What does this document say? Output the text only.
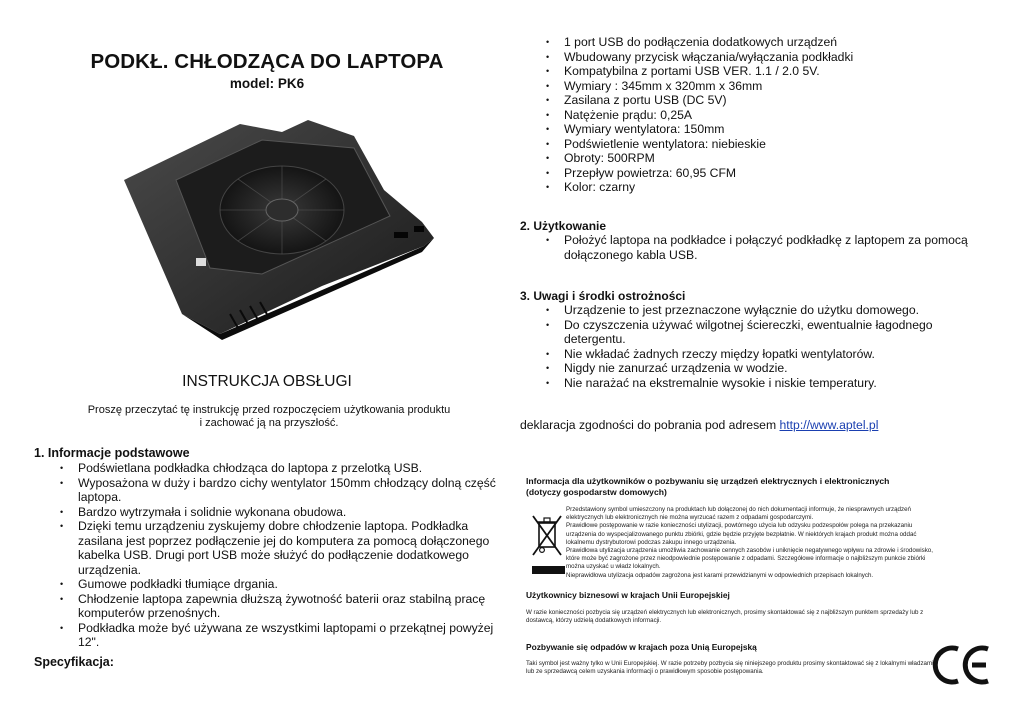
PODKŁ. CHŁODZĄCA DO LAPTOPA
model: PK6
INSTRUKCJA OBSŁUGI
Proszę przeczytać tę instrukcję przed rozpoczęciem użytkowania produktu
i zachować ją na przyszłość.
1. Informacje podstawowe
• Podświetlana podkładka chłodząca do laptopa z przelotką USB.
• Wyposażona w duży i bardzo cichy wentylator 150mm chłodzący dolną część laptopa.
• Bardzo wytrzymała i solidnie wykonana obudowa.
• Dzięki temu urządzeniu zyskujemy dobre chłodzenie laptopa. Podkładka zasilana jest poprzez podłączenie jej do komputera za pomocą dołączonego kabelka USB. Drugi port USB może służyć do podłączenie dodatkowego urządzenia.
• Gumowe podkładki tłumiące drgania.
• Chłodzenie laptopa zapewnia dłuższą żywotność baterii oraz stabilną pracę komputerów przenośnych.
• Podkładka może być używana ze wszystkimi laptopami o przekątnej powyżej 12".
Specyfikacja:
• 1 port USB do podłączenia dodatkowych urządzeń
• Wbudowany przycisk włączania/wyłączania podkładki
• Kompatybilna z portami USB VER. 1.1 / 2.0 5V.
• Wymiary : 345mm x 320mm x 36mm
• Zasilana z portu USB (DC 5V)
• Natężenie prądu: 0,25A
• Wymiary wentylatora: 150mm
• Podświetlenie wentylatora: niebieskie
• Obroty: 500RPM
• Przepływ powietrza: 60,95 CFM
• Kolor: czarny
2. Użytkowanie
• Położyć laptopa na podkładce i połączyć podkładkę z laptopem za pomocą dołączonego kabla USB.
3. Uwagi i środki ostrożności
• Urządzenie to jest przeznaczone wyłącznie do użytku domowego.
• Do czyszczenia używać wilgotnej ściereczki, ewentualnie łagodnego detergentu.
• Nie wkładać żadnych rzeczy między łopatki wentylatorów.
• Nigdy nie zanurzać urządzenia w wodzie.
• Nie narażać na ekstremalnie wysokie i niskie temperatury.
deklaracja zgodności do pobrania pod adresem http://www.aptel.pl
Informacja dla użytkowników o pozbywaniu się urządzeń elektrycznych i elektronicznych
(dotyczy gospodarstw domowych)

Przedstawiony symbol umieszczony na produktach lub dołączonej do nich dokumentacji informuje, że niesprawnych urządzeń elektrycznych lub elektronicznych nie można wyrzucać razem z odpadami gospodarczymi.

Prawidłowe postępowanie w razie konieczności utylizacji, powtórnego użycia lub odzysku podzespołów polega na przekazaniu urządzenia do wyspecjalizowanego punktu zbiórki, gdzie będzie przyjęte bezpłatnie. W niektórych krajach produkt można oddać lokalnemu dystrybutorowi podczas zakupu innego urządzenia.

Prawidłowa utylizacja urządzenia umożliwia zachowanie cennych zasobów i uniknięcie negatywnego wpływu na zdrowie i środowisko, które może być zagrożone przez nieodpowiednie postępowanie z odpadami. Szczegółowe informacje o najbliższym punkcie zbiórki można uzyskać u władz lokalnych.

Nieprawidłowa utylizacja odpadów zagrożona jest karami przewidzianymi w odpowiednich przepisach lokalnych.

Użytkownicy biznesowi w krajach Unii Europejskiej
W razie konieczności pozbycia się urządzeń elektrycznych lub elektronicznych, prosimy skontaktować się z najbliższym punktem sprzedaży lub z dostawcą, którzy udzielą dodatkowych informacji.
Pozbywanie się odpadów w krajach poza Unią Europejską
Taki symbol jest ważny tylko w Unii Europejskiej. W razie potrzeby pozbycia się niniejszego produktu prosimy skontaktować się z lokalnymi władzami lub ze sprzedawcą celem uzyskania informacji o prawidłowym sposobie postępowania.
